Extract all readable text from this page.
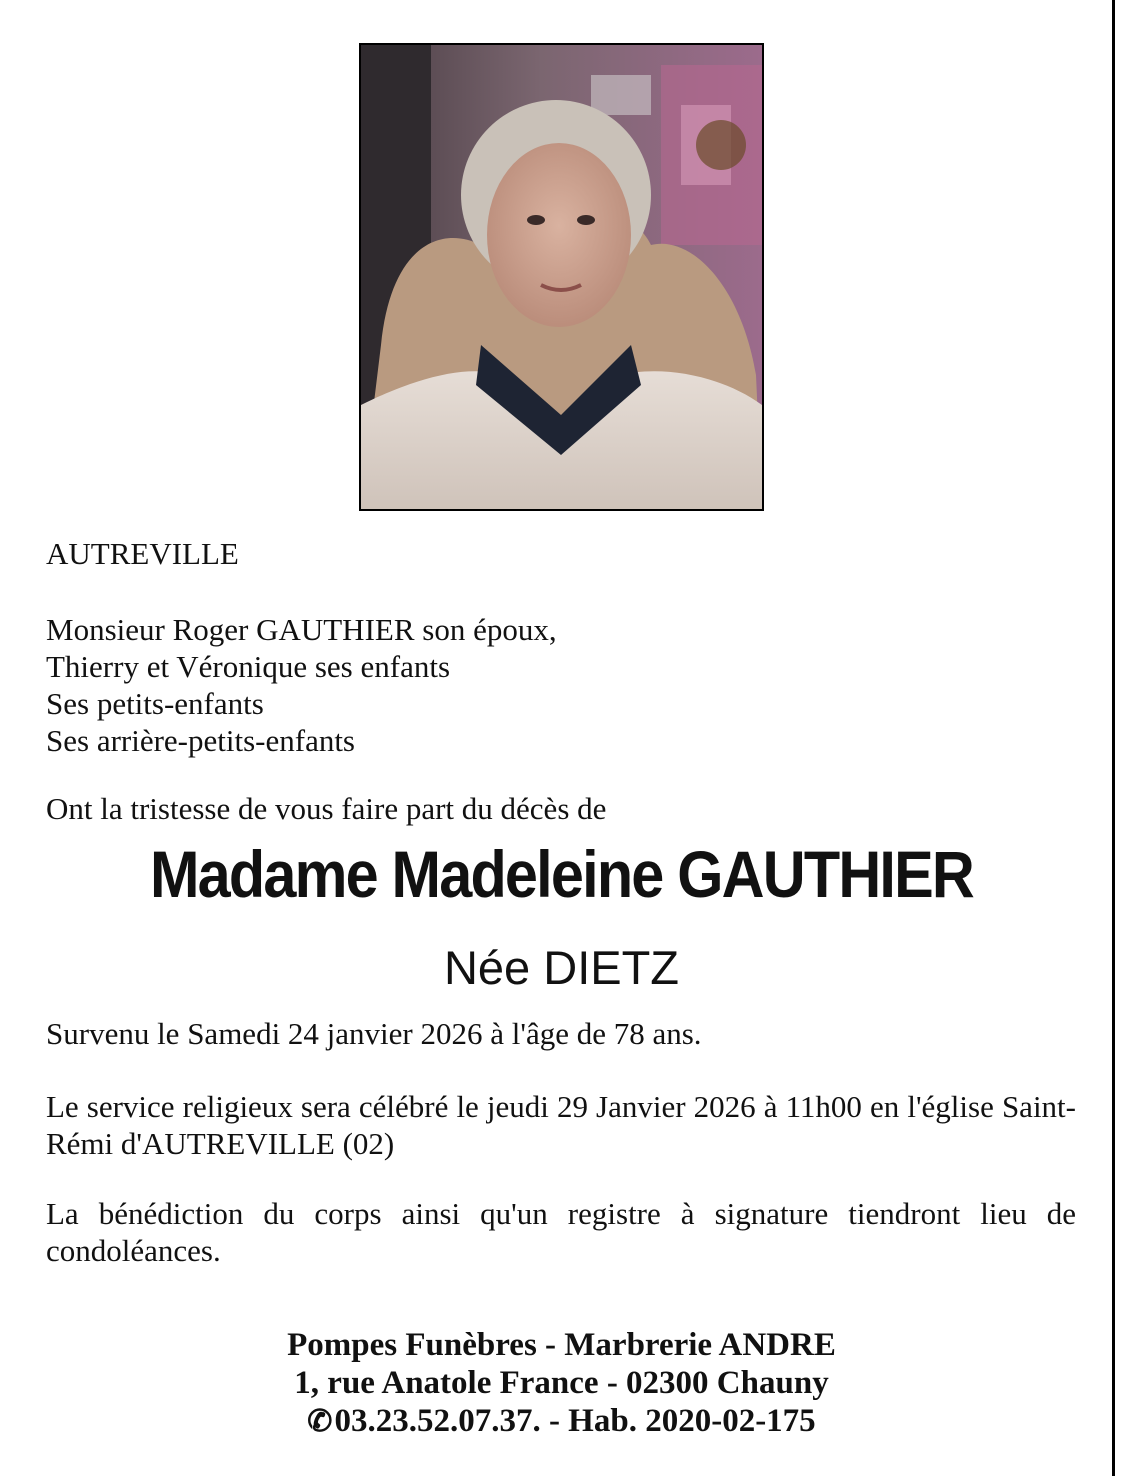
AUTREVILLE
Monsieur Roger GAUTHIER son époux,
Thierry et Véronique ses enfants
Ses petits-enfants
Ses arrière-petits-enfants
Ont la tristesse de vous faire part du décès de
Madame Madeleine GAUTHIER
Née DIETZ
Survenu le Samedi 24 janvier 2026 à l'âge de 78 ans.
Le service religieux sera célébré le jeudi 29 Janvier 2026 à 11h00 en l'église Saint-Rémi d'AUTREVILLE (02)
La bénédiction du corps ainsi qu'un registre à signature tiendront lieu de condoléances.
Pompes Funèbres - Marbrerie ANDRE
1, rue Anatole France - 02300 Chauny
✆03.23.52.07.37. - Hab. 2020-02-175
